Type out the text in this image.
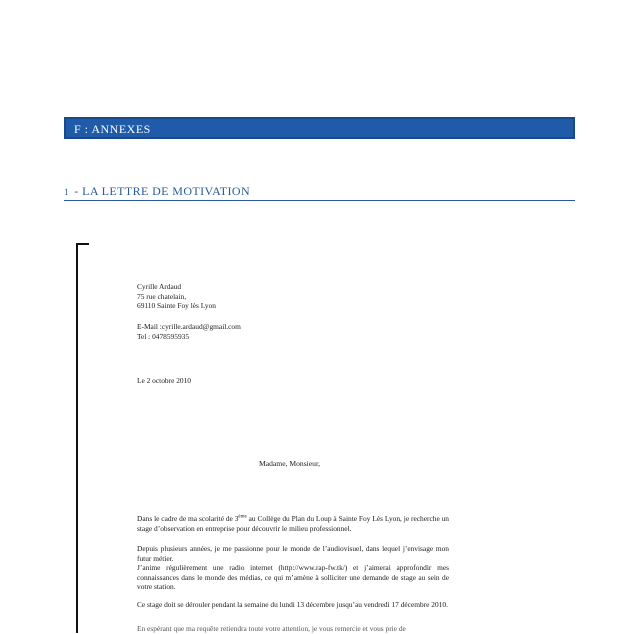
F : ANNEXES
1 - LA LETTRE DE MOTIVATION

Cyrille Ardaud

75 rue chatelain,

69110 Sainte Foy lès Lyon

E-Mail :cyrille.ardaud@gmail.com

Tel : 0478595935

Le 2 octobre 2010

Madame, Monsieur,

Dans le cadre de ma scolarité de 3ème au Collège du Plan du Loup à Sainte Foy Lès Lyon, je recherche un stage d’observation en entreprise pour découvrir le milieu professionnel.

Depuis plusieurs années, je me passionne pour le monde de l’audiovisuel, dans lequel j’envisage mon futur métier.

J’anime régulièrement une radio internet (http://www.rap-fw.tk/) et j’aimerai approfondir mes connaissances dans le monde des médias, ce qui m’amène à solliciter une demande de stage au sein de votre station.

Ce stage doit se dérouler pendant la semaine du lundi 13 décembre jusqu’au vendredi 17 décembre 2010.

En espérant que ma requête retiendra toute votre attention, je vous remercie et vous prie de
